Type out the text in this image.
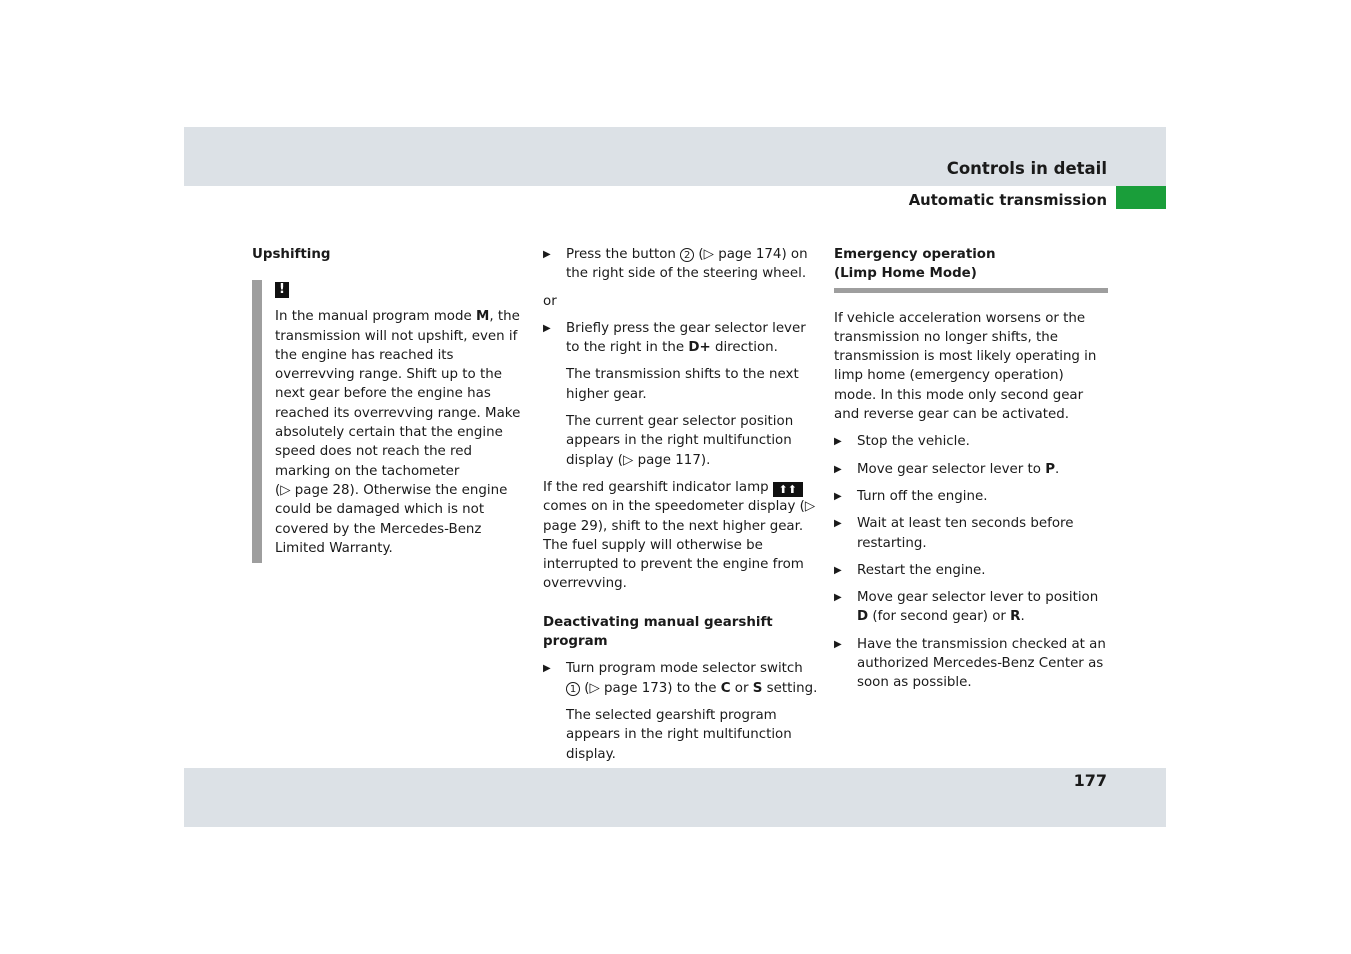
Controls in detail
Automatic transmission

Upshifting

!

In the manual program mode M, the transmission will not upshift, even if the engine has reached its overrevving range. Shift up to the next gear before the engine has reached its overrevving range. Make absolutely certain that the engine speed does not reach the red marking on the tachometer

(▷ page 28). Otherwise the engine could be damaged which is not covered by the Mercedes-Benz Limited Warranty.

▶ Press the button 2 (▷ page 174) on the right side of the steering wheel.

or

▶ Briefly press the gear selector lever to the right in the D+ direction.

The transmission shifts to the next higher gear.

The current gear selector position appears in the right multifunction display (▷ page 117).

If the red gearshift indicator lamp ⬆⬆ comes on in the speedometer display (▷ page 29), shift to the next higher gear. The fuel supply will otherwise be interrupted to prevent the engine from overrevving.

Deactivating manual gearshift program

▶ Turn program mode selector switch 1 (▷ page 173) to the C or S setting.

The selected gearshift program appears in the right multifunction display.

Emergency operation
(Limp Home Mode)

If vehicle acceleration worsens or the transmission no longer shifts, the transmission is most likely operating in limp home (emergency operation) mode. In this mode only second gear and reverse gear can be activated.

▶ Stop the vehicle.
▶ Move gear selector lever to P.
▶ Turn off the engine.
▶ Wait at least ten seconds before restarting.
▶ Restart the engine.
▶ Move gear selector lever to position D (for second gear) or R.
▶ Have the transmission checked at an authorized Mercedes-Benz Center as soon as possible.
177
